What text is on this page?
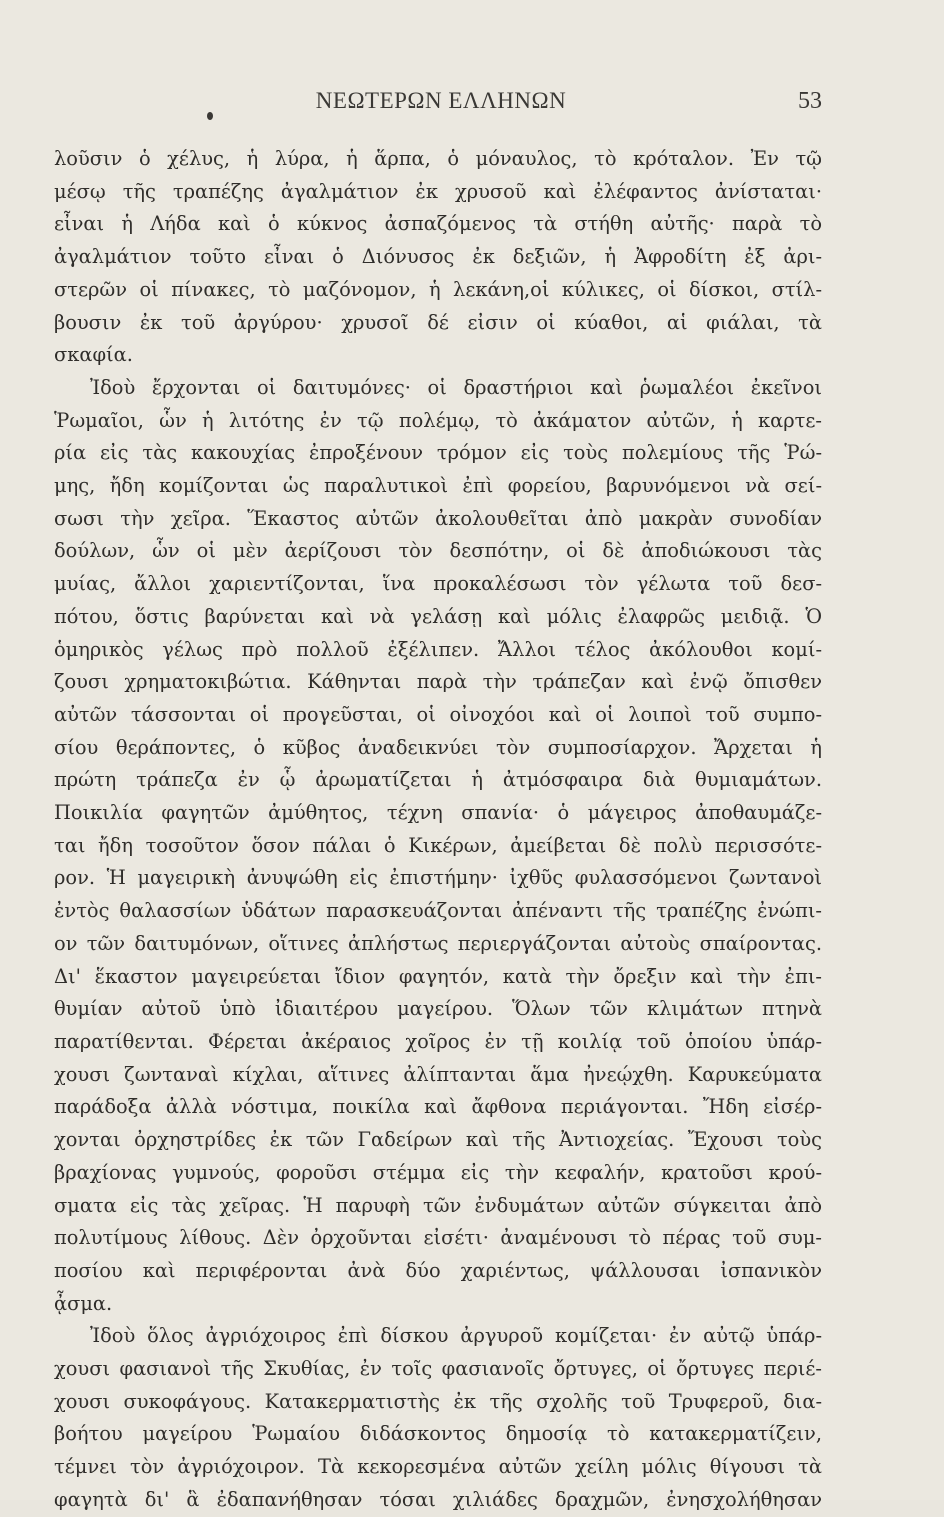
ΝΕΩΤΕΡΩΝ ΕΛΛΗΝΩΝ	53
λοῦσιν ὁ χέλυς, ἡ λύρα, ἡ ἅρπα, ὁ μόναυλος, τὸ κρόταλον. Ἐν τῷ
μέσῳ τῆς τραπέζης ἀγαλμάτιον ἐκ χρυσοῦ καὶ ἐλέφαντος ἀνίσταται·
εἶναι ἡ Λήδα καὶ ὁ κύκνος ἀσπαζόμενος τὰ στήθη αὐτῆς· παρὰ τὸ
ἀγαλμάτιον τοῦτο εἶναι ὁ Διόνυσος ἐκ δεξιῶν, ἡ Ἀφροδίτη ἐξ ἀρι-
στερῶν οἱ πίνακες, τὸ μαζόνομον, ἡ λεκάνη,οἱ κύλικες, οἱ δίσκοι, στίλ-
βουσιν ἐκ τοῦ ἀργύρου· χρυσοῖ δέ εἰσιν οἱ κύαθοι, αἱ φιάλαι, τὰ
σκαφία.
Ἰδοὺ ἔρχονται οἱ δαιτυμόνες· οἱ δραστήριοι καὶ ῥωμαλέοι ἐκεῖνοι
Ῥωμαῖοι, ὧν ἡ λιτότης ἐν τῷ πολέμῳ, τὸ ἀκάματον αὐτῶν, ἡ καρτε-
ρία εἰς τὰς κακουχίας ἐπροξένουν τρόμον εἰς τοὺς πολεμίους τῆς Ῥώ-
μης, ἤδη κομίζονται ὡς παραλυτικοὶ ἐπὶ φορείου, βαρυνόμενοι νὰ σεί-
σωσι τὴν χεῖρα. Ἕκαστος αὐτῶν ἀκολουθεῖται ἀπὸ μακρὰν συνοδίαν
δούλων, ὧν οἱ μὲν ἀερίζουσι τὸν δεσπότην, οἱ δὲ ἀποδιώκουσι τὰς
μυίας, ἄλλοι χαριεντίζονται, ἵνα προκαλέσωσι τὸν γέλωτα τοῦ δεσ-
πότου, ὅστις βαρύνεται καὶ νὰ γελάσῃ καὶ μόλις ἐλαφρῶς μειδιᾷ. Ὁ
ὁμηρικὸς γέλως πρὸ πολλοῦ ἐξέλιπεν. Ἄλλοι τέλος ἀκόλουθοι κομί-
ζουσι χρηματοκιβώτια. Κάθηνται παρὰ τὴν τράπεζαν καὶ ἐνῷ ὄπισθεν
αὐτῶν τάσσονται οἱ προγεῦσται, οἱ οἰνοχόοι καὶ οἱ λοιποὶ τοῦ συμπο-
σίου θεράποντες, ὁ κῦβος ἀναδεικνύει τὸν συμποσίαρχον. Ἄρχεται ἡ
πρώτη τράπεζα ἐν ᾧ ἀρωματίζεται ἡ ἀτμόσφαιρα διὰ θυμιαμάτων.
Ποικιλία φαγητῶν ἀμύθητος, τέχνη σπανία· ὁ μάγειρος ἀποθαυμάζε-
ται ἤδη τοσοῦτον ὅσον πάλαι ὁ Κικέρων, ἀμείβεται δὲ πολὺ περισσότε-
ρον. Ἡ μαγειρικὴ ἀνυψώθη εἰς ἐπιστήμην· ἰχθῦς φυλασσόμενοι ζωντανοὶ
ἐντὸς θαλασσίων ὑδάτων παρασκευάζονται ἀπέναντι τῆς τραπέζης ἐνώπι-
ον τῶν δαιτυμόνων, οἵτινες ἀπλήστως περιεργάζονται αὐτοὺς σπαίροντας.
Δι' ἕκαστον μαγειρεύεται ἴδιον φαγητόν, κατὰ τὴν ὄρεξιν καὶ τὴν ἐπι-
θυμίαν αὐτοῦ ὑπὸ ἰδιαιτέρου μαγείρου. Ὅλων τῶν κλιμάτων πτηνὰ
παρατίθενται. Φέρεται ἀκέραιος χοῖρος ἐν τῇ κοιλίᾳ τοῦ ὁποίου ὑπάρ-
χουσι ζωνταναὶ κίχλαι, αἵτινες ἀλίπτανται ἅμα ἠνεῴχθη. Καρυκεύματα
παράδοξα ἀλλὰ νόστιμα, ποικίλα καὶ ἄφθονα περιάγονται. Ἤδη εἰσέρ-
χονται ὀρχηστρίδες ἐκ τῶν Γαδείρων καὶ τῆς Ἀντιοχείας. Ἔχουσι τοὺς
βραχίονας γυμνούς, φοροῦσι στέμμα εἰς τὴν κεφαλήν, κρατοῦσι κρού-
σματα εἰς τὰς χεῖρας. Ἡ παρυφὴ τῶν ἐνδυμάτων αὐτῶν σύγκειται ἀπὸ
πολυτίμους λίθους. Δὲν ὀρχοῦνται εἰσέτι· ἀναμένουσι τὸ πέρας τοῦ συμ-
ποσίου καὶ περιφέρονται ἀνὰ δύο χαριέντως, ψάλλουσαι ἰσπανικὸν
ᾆσμα.
Ἰδοὺ ὅλος ἀγριόχοιρος ἐπὶ δίσκου ἀργυροῦ κομίζεται· ἐν αὐτῷ ὑπάρ-
χουσι φασιανοὶ τῆς Σκυθίας, ἐν τοῖς φασιανοῖς ὄρτυγες, οἱ ὄρτυγες περιέ-
χουσι συκοφάγους. Κατακερματιστὴς ἐκ τῆς σχολῆς τοῦ Τρυφεροῦ, δια-
βοήτου μαγείρου Ῥωμαίου διδάσκοντος δημοσίᾳ τὸ κατακερματίζειν,
τέμνει τὸν ἀγριόχοιρον. Τὰ κεκορεσμένα αὐτῶν χείλη μόλις θίγουσι τὰ
φαγητὰ δι' ἃ ἐδαπανήθησαν τόσαι χιλιάδες δραχμῶν, ἐνησχολήθησαν
